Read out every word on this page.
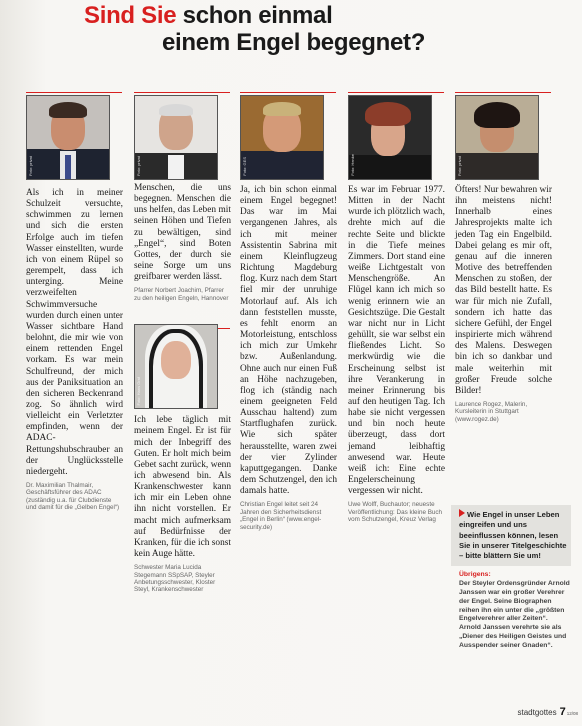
Sind Sie schon einmal
einem Engel begegnet?
Foto: privat
Als ich in meiner Schulzeit versuchte, schwimmen zu lernen und sich die ersten Erfolge auch im tiefen Wasser einstellten, wurde ich von einem Rüpel so gerempelt, dass ich unterging. Meine verzweifelten Schwimmversuche wurden durch einen unter Wasser sichtbare Hand belohnt, die mir wie von einem rettenden Engel vorkam. Es war mein Schulfreund, der mich aus der Paniksituation an den sicheren Beckenrand zog. So ähnlich wird vielleicht ein Verletzter empfinden, wenn der ADAC-Rettungshubschrauber an der Unglücksstelle niedergeht.
Dr. Maximilian Thalmair, Geschäftsführer des ADAC (zuständig u.a. für Clubdienste und damit für die „Gelben Engel“)
Foto: privat
Menschen, die uns begegnen. Menschen die uns helfen, das Leben mit seinen Höhen und Tiefen zu bewältigen, sind „Engel“, sind Boten Gottes, der durch sie seine Sorge um uns greifbarer werden lässt.
Pfarrer Norbert Joachim, Pfarrer zu den heiligen Engeln, Hannover
Foto: Hans Graf
Ich lebe täglich mit meinem Engel. Er ist für mich der Inbegriff des Guten. Er holt mich beim Gebet sacht zurück, wenn ich abwesend bin. Als Krankenschwester kann ich mir ein Leben ohne ihn nicht vorstellen. Er macht mich aufmerksam auf Bedürfnisse der Kranken, für die ich sonst kein Auge hätte.
Schwester Maria Lucida Stegemann SSpSAP, Steyler Anbetungsschwester, Kloster Steyl, Krankenschwester
Foto: GES
Ja, ich bin schon einmal einem Engel begegnet! Das war im Mai vergangenen Jahres, als ich mit meiner Assistentin Sabrina mit einem Kleinflugzeug Richtung Magdeburg flog. Kurz nach dem Start fiel mir der unruhige Motorlauf auf. Als ich dann feststellen musste, es fehlt enorm an Motorleistung, entschloss ich mich zur Umkehr bzw. Außenlandung. Ohne auch nur einen Fuß an Höhe nachzugeben, flog ich (ständig nach einem geeigneten Feld Ausschau haltend) zum Startflughafen zurück. Wie sich später herausstellte, waren zwei der vier Zylinder kaputtgegangen. Danke dem Schutzengel, den ich damals hatte.
Christian Engel leitet seit 24 Jahren den Sicherheitsdienst „Engel in Berlin“ (www.engel-security.de)
Foto: Henke
Es war im Februar 1977. Mitten in der Nacht wurde ich plötzlich wach, drehte mich auf die rechte Seite und blickte in die Tiefe meines Zimmers. Dort stand eine weiße Lichtgestalt von Menschengröße. An Flügel kann ich mich so wenig erinnern wie an Gesichtszüge. Die Gestalt war nicht nur in Licht gehüllt, sie war selbst ein fließendes Licht. So merkwürdig wie die Erscheinung selbst ist ihre Verankerung in meiner Erinnerung bis auf den heutigen Tag. Ich habe sie nicht vergessen und bin noch heute überzeugt, dass dort jemand leibhaftig anwesend war. Heute weiß ich: Eine echte Engelerscheinung vergessen wir nicht.
Uwe Wolff, Buchautor; neueste Veröffentlichung: Das kleine Buch vom Schutzengel, Kreuz Verlag
Foto: privat
Öfters! Nur bewahren wir ihn meistens nicht! Innerhalb eines Jahresprojekts malte ich jeden Tag ein Engelbild. Dabei gelang es mir oft, genau auf die inneren Motive des betreffenden Menschen zu stoßen, der das Bild bestellt hatte. Es war für mich nie Zufall, sondern ich hatte das sichere Gefühl, der Engel inspirierte mich während des Malens. Deswegen bin ich so dankbar und male weiterhin mit großer Freude solche Bilder!
Laurence Rogez, Malerin, Kursleiterin in Stuttgart (www.rogez.de)
Wie Engel in unser Leben eingreifen und uns beeinflussen können, lesen Sie in unserer Titelgeschichte – bitte blättern Sie um!
Übrigens:
Der Steyler Ordensgründer Arnold Janssen war ein großer Verehrer der Engel. Seine Biographen reihen ihn ein unter die „größten Engelverehrer aller Zeiten“. Arnold Janssen verehrte sie als „Diener des Heiligen Geistes und Ausspender seiner Gnaden“.
stadtgottes 712/08
